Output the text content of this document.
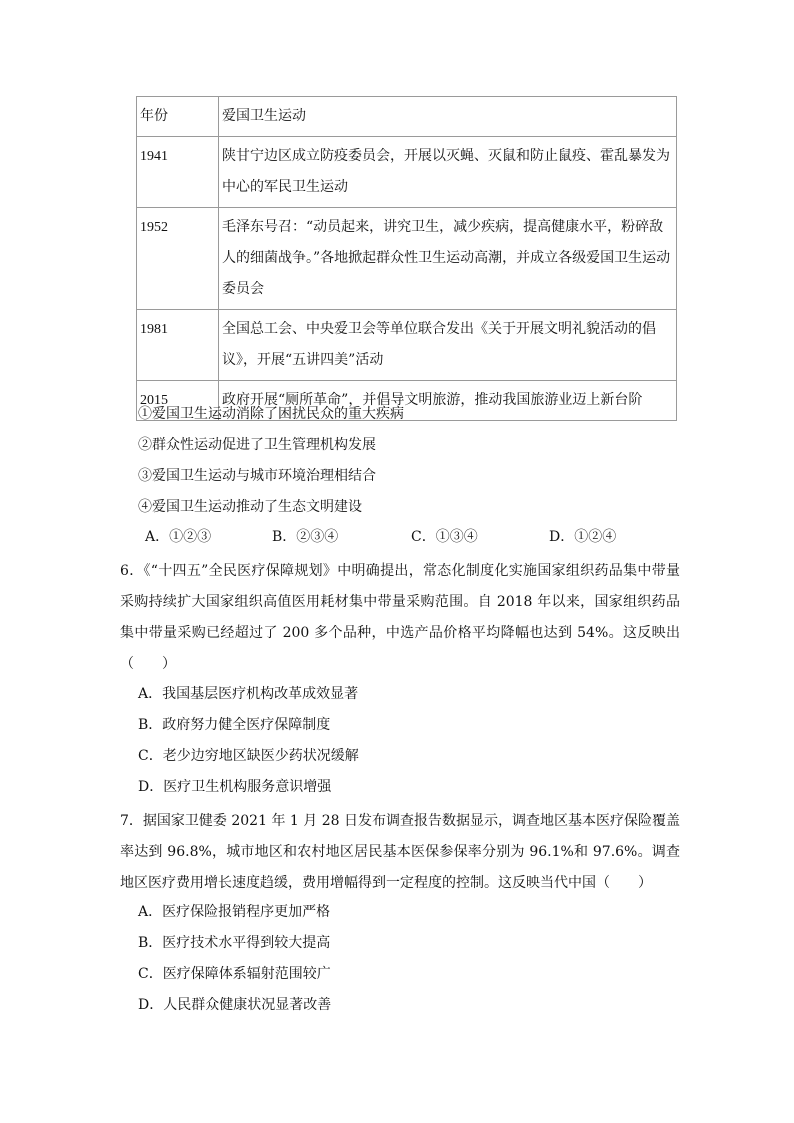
年份	爱国卫生运动
1941	陕甘宁边区成立防疫委员会，开展以灭蝇、灭鼠和防止鼠疫、霍乱暴发为中心的军民卫生运动
1952	毛泽东号召：“动员起来，讲究卫生，减少疾病，提高健康水平，粉碎敌人的细菌战争。”各地掀起群众性卫生运动高潮，并成立各级爱国卫生运动委员会
1981	全国总工会、中央爱卫会等单位联合发出《关于开展文明礼貌活动的倡议》，开展“五讲四美”活动
2015	政府开展“厕所革命”，并倡导文明旅游，推动我国旅游业迈上新台阶
①爱国卫生运动消除了困扰民众的重大疾病
②群众性运动促进了卫生管理机构发展
③爱国卫生运动与城市环境治理相结合
④爱国卫生运动推动了生态文明建设
A．①②③	B．②③④	C．①③④	D．①②④
6．《“十四五”全民医疗保障规划》中明确提出，常态化制度化实施国家组织药品集中带量采购持续扩大国家组织高值医用耗材集中带量采购范围。自 2018 年以来，国家组织药品集中带量采购已经超过了 200 多个品种，中选产品价格平均降幅也达到 54%。这反映出（　　）
A．我国基层医疗机构改革成效显著
B．政府努力健全医疗保障制度
C．老少边穷地区缺医少药状况缓解
D．医疗卫生机构服务意识增强
7．据国家卫健委 2021 年 1 月 28 日发布调查报告数据显示，调查地区基本医疗保险覆盖率达到 96.8%，城市地区和农村地区居民基本医保参保率分别为 96.1%和 97.6%。调查地区医疗费用增长速度趋缓，费用增幅得到一定程度的控制。这反映当代中国（　　）
A．医疗保险报销程序更加严格
B．医疗技术水平得到较大提高
C．医疗保障体系辐射范围较广
D．人民群众健康状况显著改善
